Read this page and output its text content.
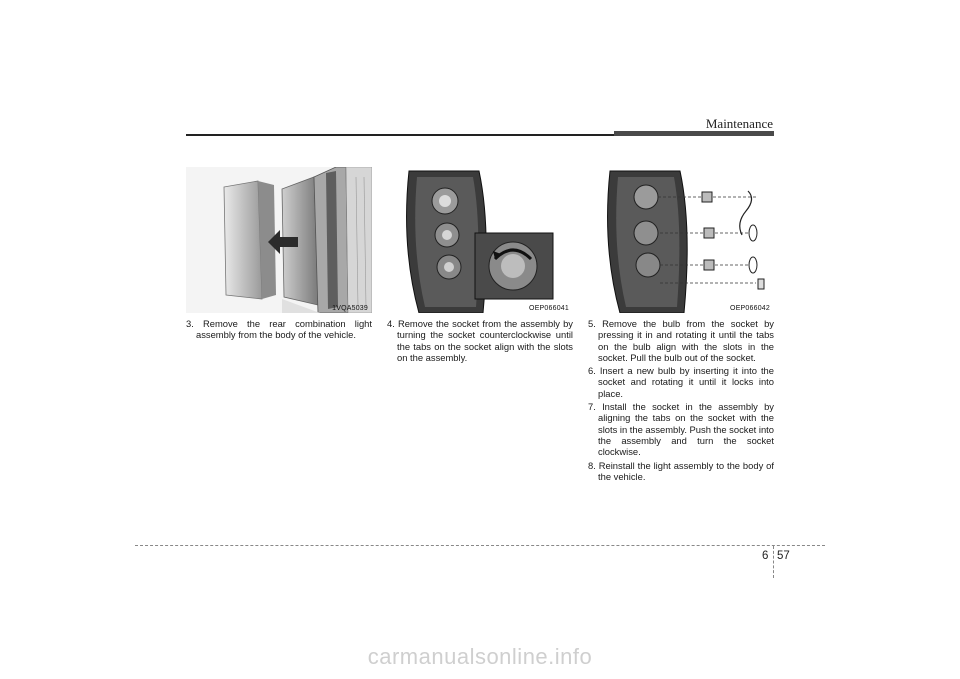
Maintenance
1VQA5039	OEP066041	OEP066042

3. Remove the rear combination light assembly from the body of the vehicle.

4. Remove the socket from the assembly by turning the socket counterclockwise until the tabs on the socket align with the slots on the assembly.

5. Remove the bulb from the socket by pressing it in and rotating it until the tabs on the bulb align with the slots in the socket. Pull the bulb out of the socket.

6. Insert a new bulb by inserting it into the socket and rotating it until it locks into place.

7. Install the socket in the assembly by aligning the tabs on the socket with the slots in the assembly. Push the socket into the assembly and turn the socket clockwise.

8. Reinstall the light assembly to the body of the vehicle.

6 57
carmanualsonline.info
